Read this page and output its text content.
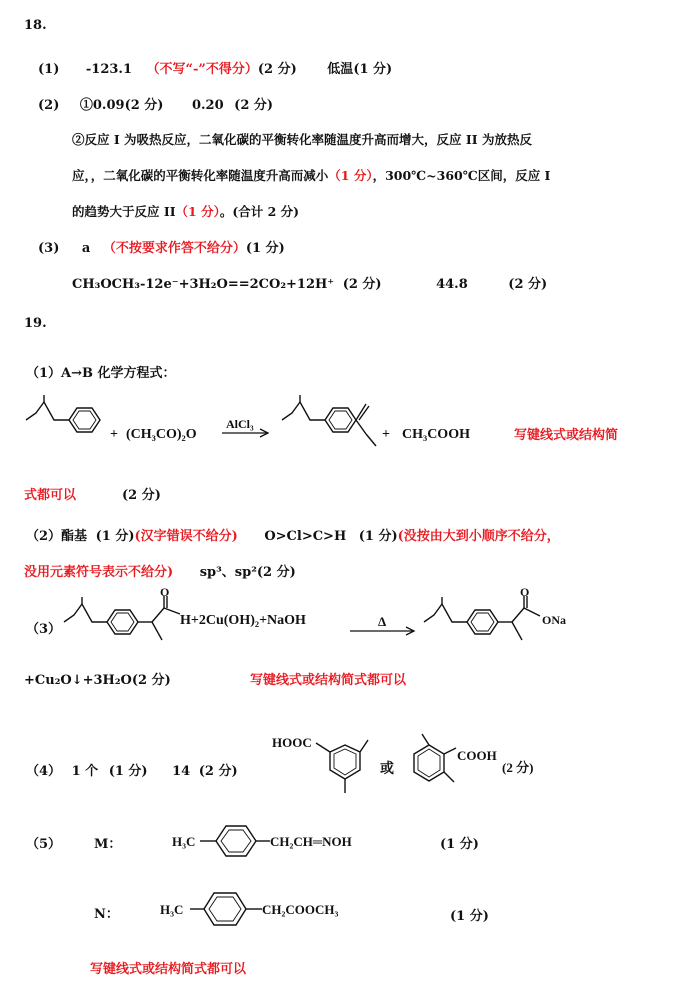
18.
(1) -123.1 （不写“-”不得分）(2 分) 低温(1 分)
(2) ①0.09(2 分) 0.20 (2 分)
②反应 I 为吸热反应，二氧化碳的平衡转化率随温度升高而增大，反应 II 为放热反
应，，二氧化碳的平衡转化率随温度升高而减小（1 分），300℃~360℃区间，反应 I
的趋势大于反应 II（1 分）。(合计 2 分)
(3) a （不按要求作答不给分）(1 分)
CH₃OCH₃-12e⁻+3H₂O==2CO₂+12H⁺ (2 分)	44.8	(2 分)
19.
（1）A→B 化学方程式：
+ (CH₃CO)₂O
AlCl₃
+ CH₃COOH	写键线式或结构简
式都可以	(2 分)
（2）酯基 (1 分)(汉字错误不给分) O>Cl>C>H (1 分)(没按由大到小顺序不给分，
没用元素符号表示不给分) sp³、sp²(2 分)
（3）
O
H+2Cu(OH)₂+NaOH	Δ
O
ONa
+Cu₂O↓+3H₂O(2 分)	写键线式或结构简式都可以
（4） 1 个 (1 分) 14 (2 分)
HOOC
或
COOH
(2 分)
（5）	M：
N：
H₃C	CH₂CH═NOH
H₃C	CH₂COOCH₃
(1 分)
(1 分)
写键线式或结构简式都可以
